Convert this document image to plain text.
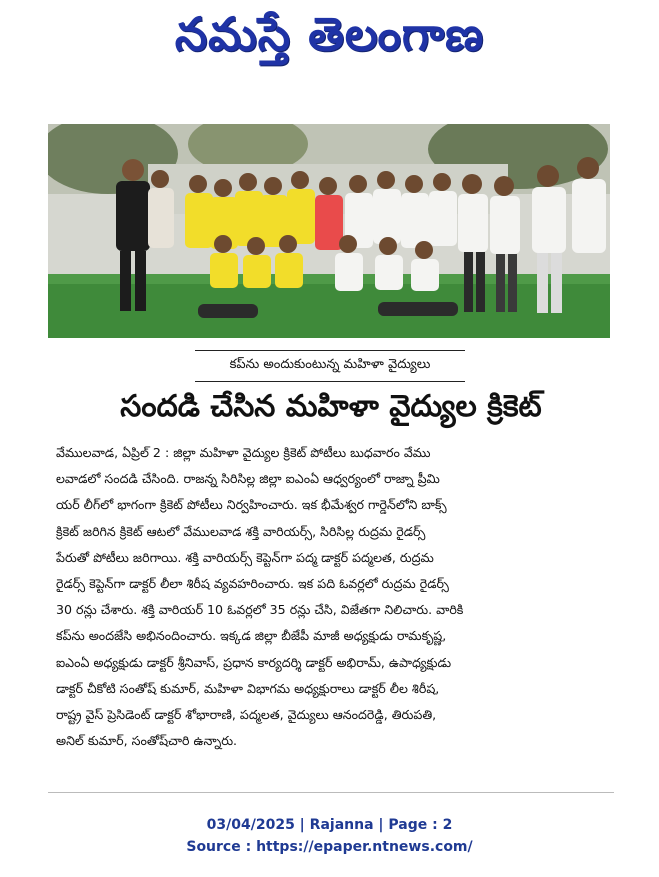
నమస్తే తెలంగాణ
కప్‌ను అందుకుంటున్న మహిళా వైద్యులు
సందడి చేసిన మహిళా వైద్యుల క్రికెట్
వేములవాడ, ఏప్రిల్ 2 : జిల్లా మహిళా వైద్యుల క్రికెట్ పోటీలు బుధవారం వేము
లవాడలో సందడి చేసింది. రాజన్న సిరిసిల్ల జిల్లా ఐఎంఏ ఆధ్వర్యంలో రాజ్నా ప్రీమి
యర్ లీగ్‌లో భాగంగా క్రికెట్ పోటీలు నిర్వహించారు. ఇక భీమేశ్వర గార్డెన్‌లోని బాక్స్
క్రికెట్ జరిగిన క్రికెట్ ఆటలో వేములవాడ శక్తి వారియర్స్, సిరిసిల్ల రుద్రమ రైడర్స్
పేరుతో పోటీలు జరిగాయి. శక్తి వారియర్స్ కెప్టెన్‌గా పద్మ డాక్టర్ పద్మలత, రుద్రమ
రైడర్స్ కెప్టెన్‌గా డాక్టర్ లీలా శిరీష వ్యవహరించారు. ఇక పది ఓవర్లలో రుద్రమ రైడర్స్
30 రన్లు చేశారు. శక్తి వారియర్ 10 ఓవర్లలో 35 రన్లు చేసి, విజేతగా నిలిచారు. వారికి
కప్‌ను అందజేసి అభినందించారు. ఇక్కడ జిల్లా బీజేపీ మాజీ అధ్యక్షుడు రామకృష్ణ,
ఐఎంఏ అధ్యక్షుడు డాక్టర్ శ్రీనివాస్, ప్రధాన కార్యదర్శి డాక్టర్ అభిరామ్, ఉపాధ్యక్షుడు
డాక్టర్ చీకోటి సంతోష్ కుమార్, మహిళా విభాగమ అధ్యక్షురాలు డాక్టర్ లీల శిరీష,
రాష్ట్ర వైస్ ప్రెసిడెంట్ డాక్టర్ శోభారాణి, పద్మలత, వైద్యులు ఆనందరెడ్డి, తిరుపతి,
అనిల్ కుమార్, సంతోష్‌చారి ఉన్నారు.
03/04/2025 | Rajanna | Page : 2
Source : https://epaper.ntnews.com/
